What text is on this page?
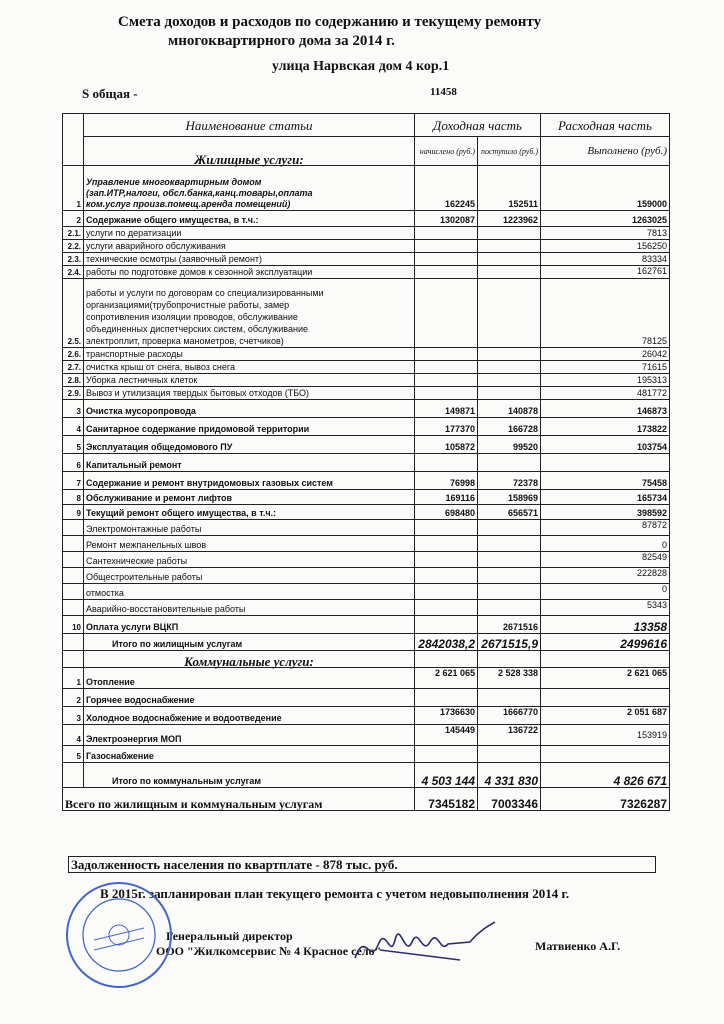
Смета доходов и расходов по содержанию и текущему ремонту
многоквартирного дома за 2014 г.
улица Нарвская дом 4 кор.1
S общая -	11458
	Наименование статьи	Доходная часть		Расходная часть
	Жилищные услуги:	начислено (руб.)	поступило (руб.)	Выполнено (руб.)
1	Управление многоквартирным домом
(зап.ИТР,налоги, обсл.банка,канц.товары,оплата
ком.услуг произв.помещ.аренда помещений)	162245	152511	159000
2	Содержание общего имущества, в т.ч.:	1302087	1223962	1263025
2.1.	услуги по дератизации			7813
2.2.	услуги аварийного обслуживания			156250
2.3.	технические осмотры (заявочный ремонт)			83334
2.4.	работы по подготовке домов к сезонной эксплуатации			162761
2.5.	работы и услуги по договорам со специализированными
организациями(трубопрочистные работы, замер
сопротивления изоляции проводов, обслуживание
объединенных диспетчерских систем, обслуживание
электроплит, проверка манометров, счетчиков)			78125
2.6.	транспортные расходы			26042
2.7.	очистка крыш от снега, вывоз снега			71615
2.8.	Уборка лестничных клеток			195313
2.9.	Вывоз и утилизация твердых бытовых отходов (ТБО)			481772
3	Очистка мусоропровода	149871	140878	146873
4	Санитарное содержание придомовой территории	177370	166728	173822
5	Эксплуатация общедомового ПУ	105872	99520	103754
6	Капитальный ремонт			
7	Содержание и ремонт внутридомовых газовых систем	76998	72378	75458
8	Обслуживание и ремонт лифтов	169116	158969	165734
9	Текущий ремонт общего имущества, в т.ч.:	698480	656571	398592
	Электромонтажные работы			87872
	Ремонт межпанельных швов			0
	Сантехнические работы			82549
	Общестроительные работы			222828
	отмостка			0
	Аварийно-восстановительные работы			5343
10	Оплата услуги ВЦКП		2671516	13358
	Итого по жилищным услугам	2842038,2	2671515,9	2499616
	Коммунальные услуги:			
1	Отопление	2 621 065	2 528 338	2 621 065
2	Горячее водоснабжение			
3	Холодное водоснабжение и водоотведение	1736630	1666770	2 051 687
4	Электроэнергия МОП	145449	136722	153919
5	Газоснабжение			
	Итого по коммунальным услугам	4 503 144	4 331 830	4 826 671
Всего по жилищным и коммунальным услугам		7345182	7003346	7326287
Задолженность населения по квартплате - 878 тыс. руб.
В 2015г. запланирован план текущего ремонта с учетом недовыполнения 2014 г.
Генеральный директор
ООО "Жилкомсервис № 4 Красное село"	Матвиенко А.Г.
